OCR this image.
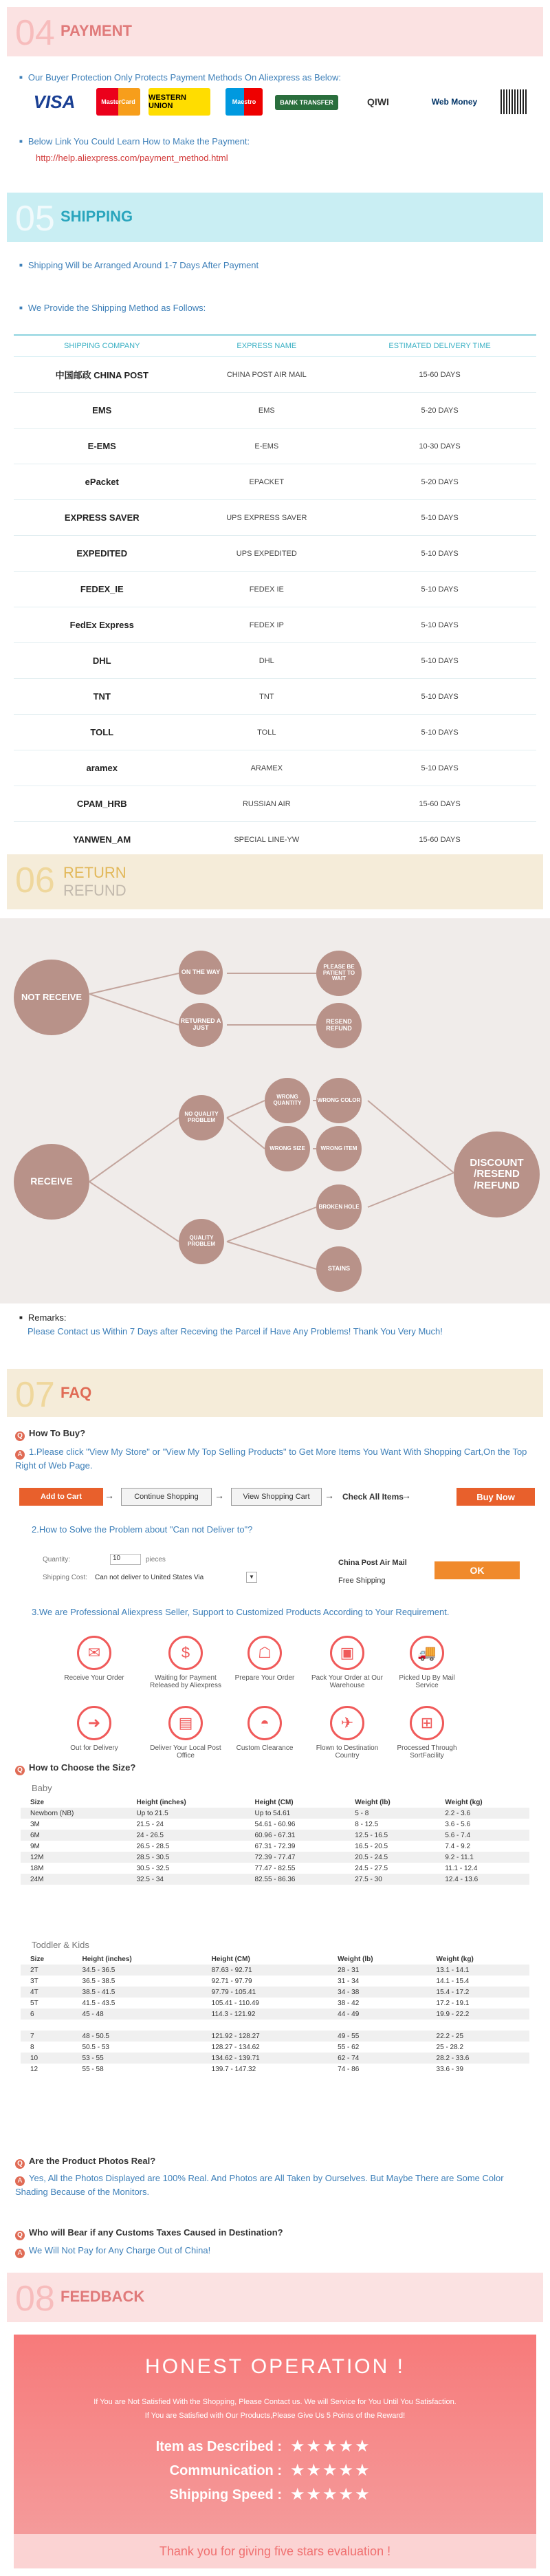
04 PAYMENT
■ Our Buyer Protection Only Protects Payment Methods On Aliexpress as Below:
VISA	MasterCard	WESTERN UNION	Maestro	BANK TRANSFER	QIWI	Web Money
■ Below Link You Could Learn How to Make the Payment:
http://help.aliexpress.com/payment_method.html
05 SHIPPING
■ Shipping Will be Arranged Around 1-7 Days After Payment
■ We Provide the Shipping Method as Follows:
SHIPPING COMPANY	EXPRESS NAME	ESTIMATED DELIVERY TIME
中国邮政 CHINA POST	CHINA POST AIR MAIL	15-60 DAYS
EMS	EMS	5-20 DAYS
E-EMS	E-EMS	10-30 DAYS
ePacket	EPACKET	5-20 DAYS
EXPRESS SAVER	UPS EXPRESS SAVER	5-10 DAYS
EXPEDITED	UPS EXPEDITED	5-10 DAYS
FEDEX_IE	FEDEX IE	5-10 DAYS
FedEx Express	FEDEX IP	5-10 DAYS
DHL	DHL	5-10 DAYS
TNT	TNT	5-10 DAYS
TOLL	TOLL	5-10 DAYS
aramex	ARAMEX	5-10 DAYS
CPAM_HRB	RUSSIAN AIR	15-60 DAYS
YANWEN_AM	SPECIAL LINE-YW	15-60 DAYS
06 RETURN
REFUND
NOT RECEIVE
ON THE WAY
RETURNED A JUST
PLEASE BE PATIENT TO WAIT
RESEND REFUND
RECEIVE
NO QUALITY PROBLEM
WRONG QUANTITY
WRONG SIZE
WRONG COLOR
WRONG ITEM
BROKEN HOLE
STAINS
QUALITY PROBLEM
DISCOUNT /RESEND /REFUND
■ Remarks:
Please Contact us Within 7 Days after Receving the Parcel if Have Any Problems! Thank You Very Much!
07 FAQ
Q How To Buy?
A 1.Please click "View My Store" or "View My Top Selling Products" to Get More Items You Want With Shopping Cart,On the Top Right of Web Page.
Add to Cart	→	Continue Shopping	→	View Shopping Cart	→ Check All Items
→	Buy Now
2.How to Solve the Problem about "Can not Deliver to"?
Quantity:	10	pieces
Shipping Cost: Can not deliver to United States Via	▼
China Post Air Mail
Free Shipping
OK
3.We are Professional Aliexpress Seller, Support to Customized Products According to Your Requirement.
✉
Receive Your Order
$
Waiting for Payment Released by Aliexpress
☖
Prepare Your Order
▣
Pack Your Order at Our Warehouse
🚚
Picked Up By Mail Service
➜
Out for Delivery
▤
Deliver Your Local Post Office
◓
Custom Clearance
✈
Flown to Destination Country
⊞
Processed Through SortFacility
Q How to Choose the Size?
Baby
Size	Height (inches)	Height (CM)	Weight (lb)	Weight (kg)
Newborn (NB)	Up to 21.5	Up to 54.61	5 - 8	2.2 - 3.6
3M	21.5 - 24	54.61 - 60.96	8 - 12.5	3.6 - 5.6
6M	24 - 26.5	60.96 - 67.31	12.5 - 16.5	5.6 - 7.4
9M	26.5 - 28.5	67.31 - 72.39	16.5 - 20.5	7.4 - 9.2
12M	28.5 - 30.5	72.39 - 77.47	20.5 - 24.5	9.2 - 11.1
18M	30.5 - 32.5	77.47 - 82.55	24.5 - 27.5	11.1 - 12.4
24M	32.5 - 34	82.55 - 86.36	27.5 - 30	12.4 - 13.6
Toddler & Kids
Size	Height (inches)	Height (CM)	Weight (lb)	Weight (kg)
2T	34.5 - 36.5	87.63 - 92.71	28 - 31	13.1 - 14.1
3T	36.5 - 38.5	92.71 - 97.79	31 - 34	14.1 - 15.4
4T	38.5 - 41.5	97.79 - 105.41	34 - 38	15.4 - 17.2
5T	41.5 - 43.5	105.41 - 110.49	38 - 42	17.2 - 19.1
6	45 - 48	114.3 - 121.92	44 - 49	19.9 - 22.2

7	48 - 50.5	121.92 - 128.27	49 - 55	22.2 - 25
8	50.5 - 53	128.27 - 134.62	55 - 62	25 - 28.2
10	53 - 55	134.62 - 139.71	62 - 74	28.2 - 33.6
12	55 - 58	139.7 - 147.32	74 - 86	33.6 - 39
Q Are the Product Photos Real?
A Yes, All the Photos Displayed are 100% Real. And Photos are All Taken by Ourselves. But Maybe There are Some Color Shading Because of the Monitors.
Q Who will Bear if any Customs Taxes Caused in Destination?
A We Will Not Pay for Any Charge Out of China!
08 FEEDBACK
HONEST OPERATION !
If You are Not Satisfied With the Shopping, Please Contact us. We will Service for You Until You Satisfaction.
If You are Satisfied with Our Products,Please Give Us 5 Points of the Reward!
Item as Described : ★★★★★
Communication : ★★★★★
Shipping Speed : ★★★★★
Thank you for giving five stars evaluation !
